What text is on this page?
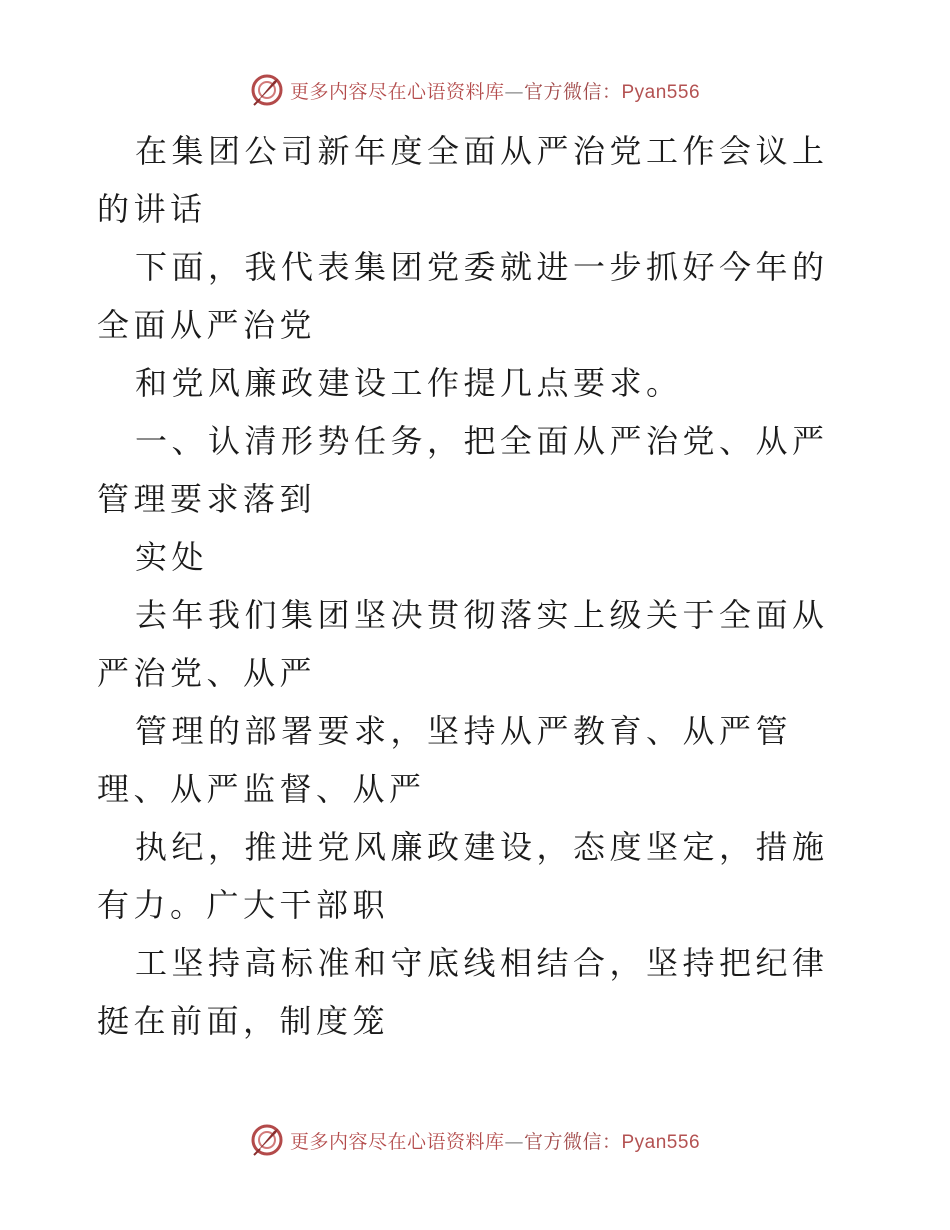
更多内容尽在心语资料库—官方微信：Pyan556

在集团公司新年度全面从严治党工作会议上的讲话

下面，我代表集团党委就进一步抓好今年的全面从严治党

和党风廉政建设工作提几点要求。

一、认清形势任务，把全面从严治党、从严管理要求落到

实处

去年我们集团坚决贯彻落实上级关于全面从严治党、从严

管理的部署要求，坚持从严教育、从严管理、从严监督、从严

执纪，推进党风廉政建设，态度坚定，措施有力。广大干部职

工坚持高标准和守底线相结合，坚持把纪律挺在前面，制度笼

更多内容尽在心语资料库—官方微信：Pyan556
